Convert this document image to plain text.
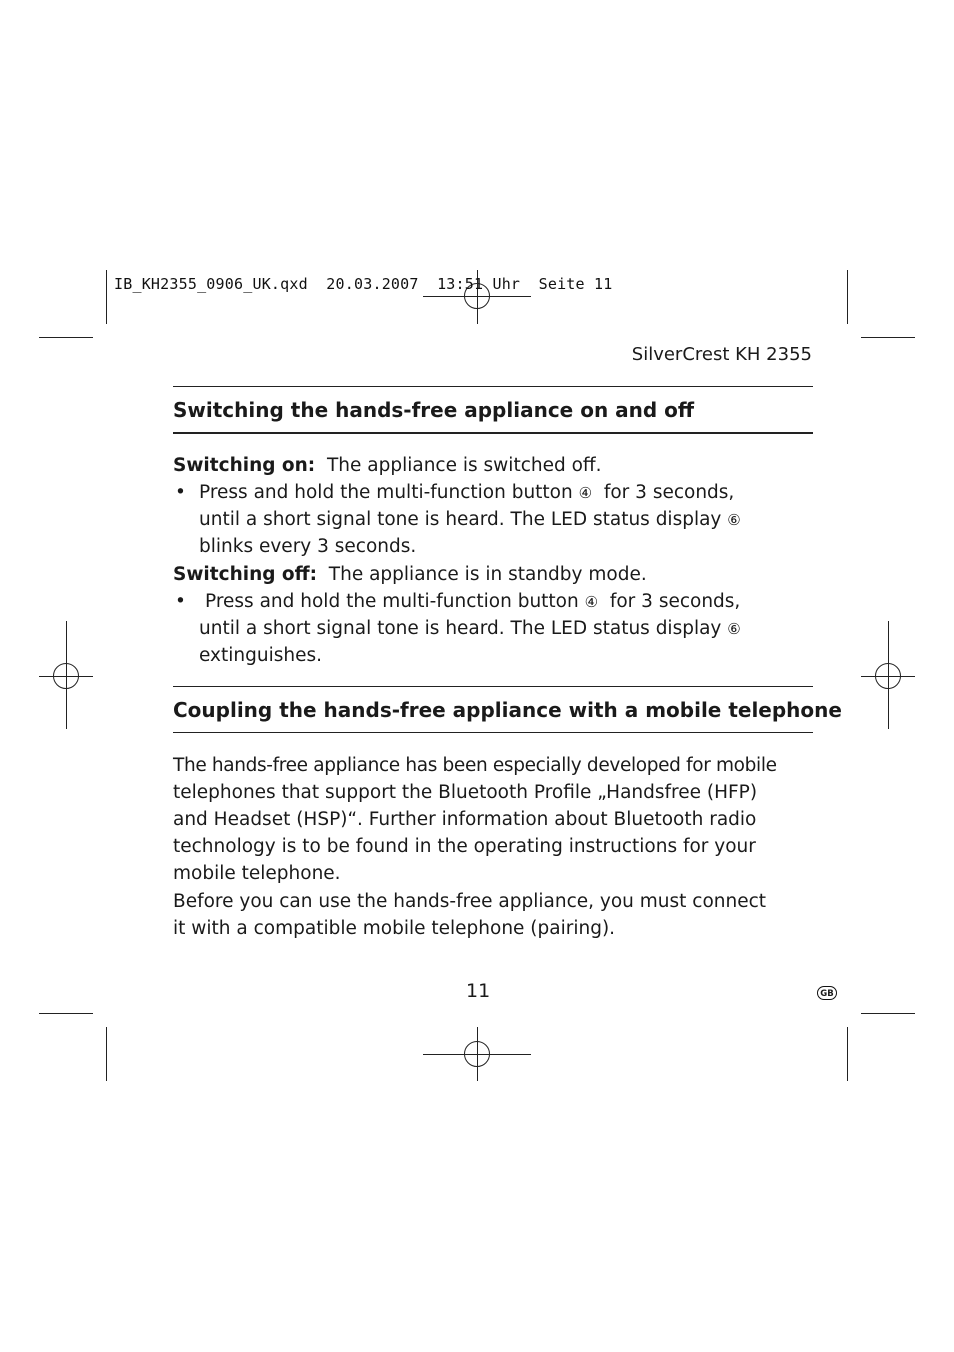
IB_KH2355_0906_UK.qxd  20.03.2007  13:51 Uhr  Seite 11
SilverCrest KH 2355
Switching the hands-free appliance on and off
Switching on: The appliance is switched off.
• Press and hold the multi-function button ④ for 3 seconds,
until a short signal tone is heard. The LED status display ⑥
blinks every 3 seconds.
Switching off: The appliance is in standby mode.
• Press and hold the multi-function button ④ for 3 seconds,
until a short signal tone is heard. The LED status display ⑥
extinguishes.
Coupling the hands-free appliance with a mobile telephone
The hands-free appliance has been especially developed for mobile
telephones that support the Bluetooth Profile „Handsfree (HFP)
and Headset (HSP)“. Further information about Bluetooth radio
technology is to be found in the operating instructions for your
mobile telephone.
Before you can use the hands-free appliance, you must connect
it with a compatible mobile telephone (pairing).
11	GB
